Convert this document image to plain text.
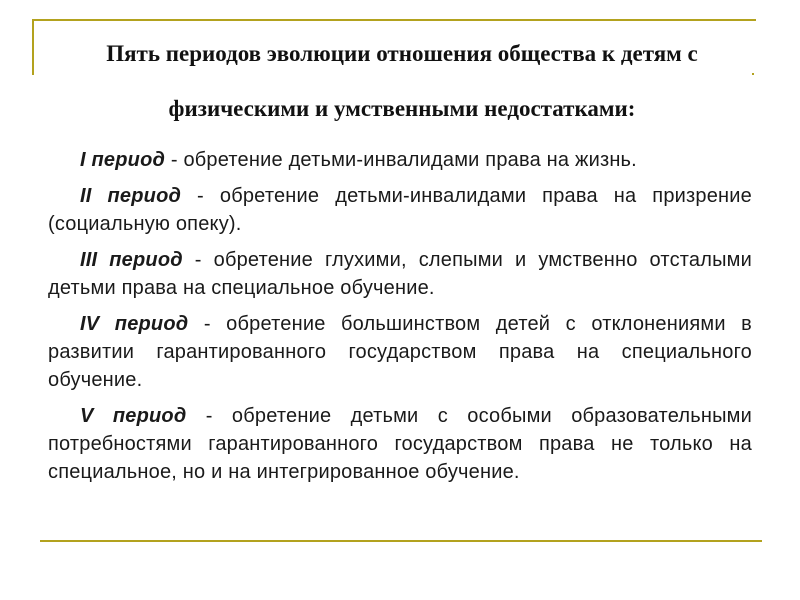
Пять периодов эволюции отношения общества к детям с
физическими и умственными недостатками:

I период - обретение детьми-инвалидами права на жизнь.

II период - обретение детьми-инвалидами права на призрение (социальную опеку).

III период - обретение глухими, слепыми и умственно отсталыми детьми права на специальное обучение.

IV период - обретение большинством детей с отклонениями в развитии гарантированного государством права на специального обучение.

V период - обретение детьми с особыми образовательными потребностями гарантированного государством права не только на специальное, но и на интегрированное обучение.
